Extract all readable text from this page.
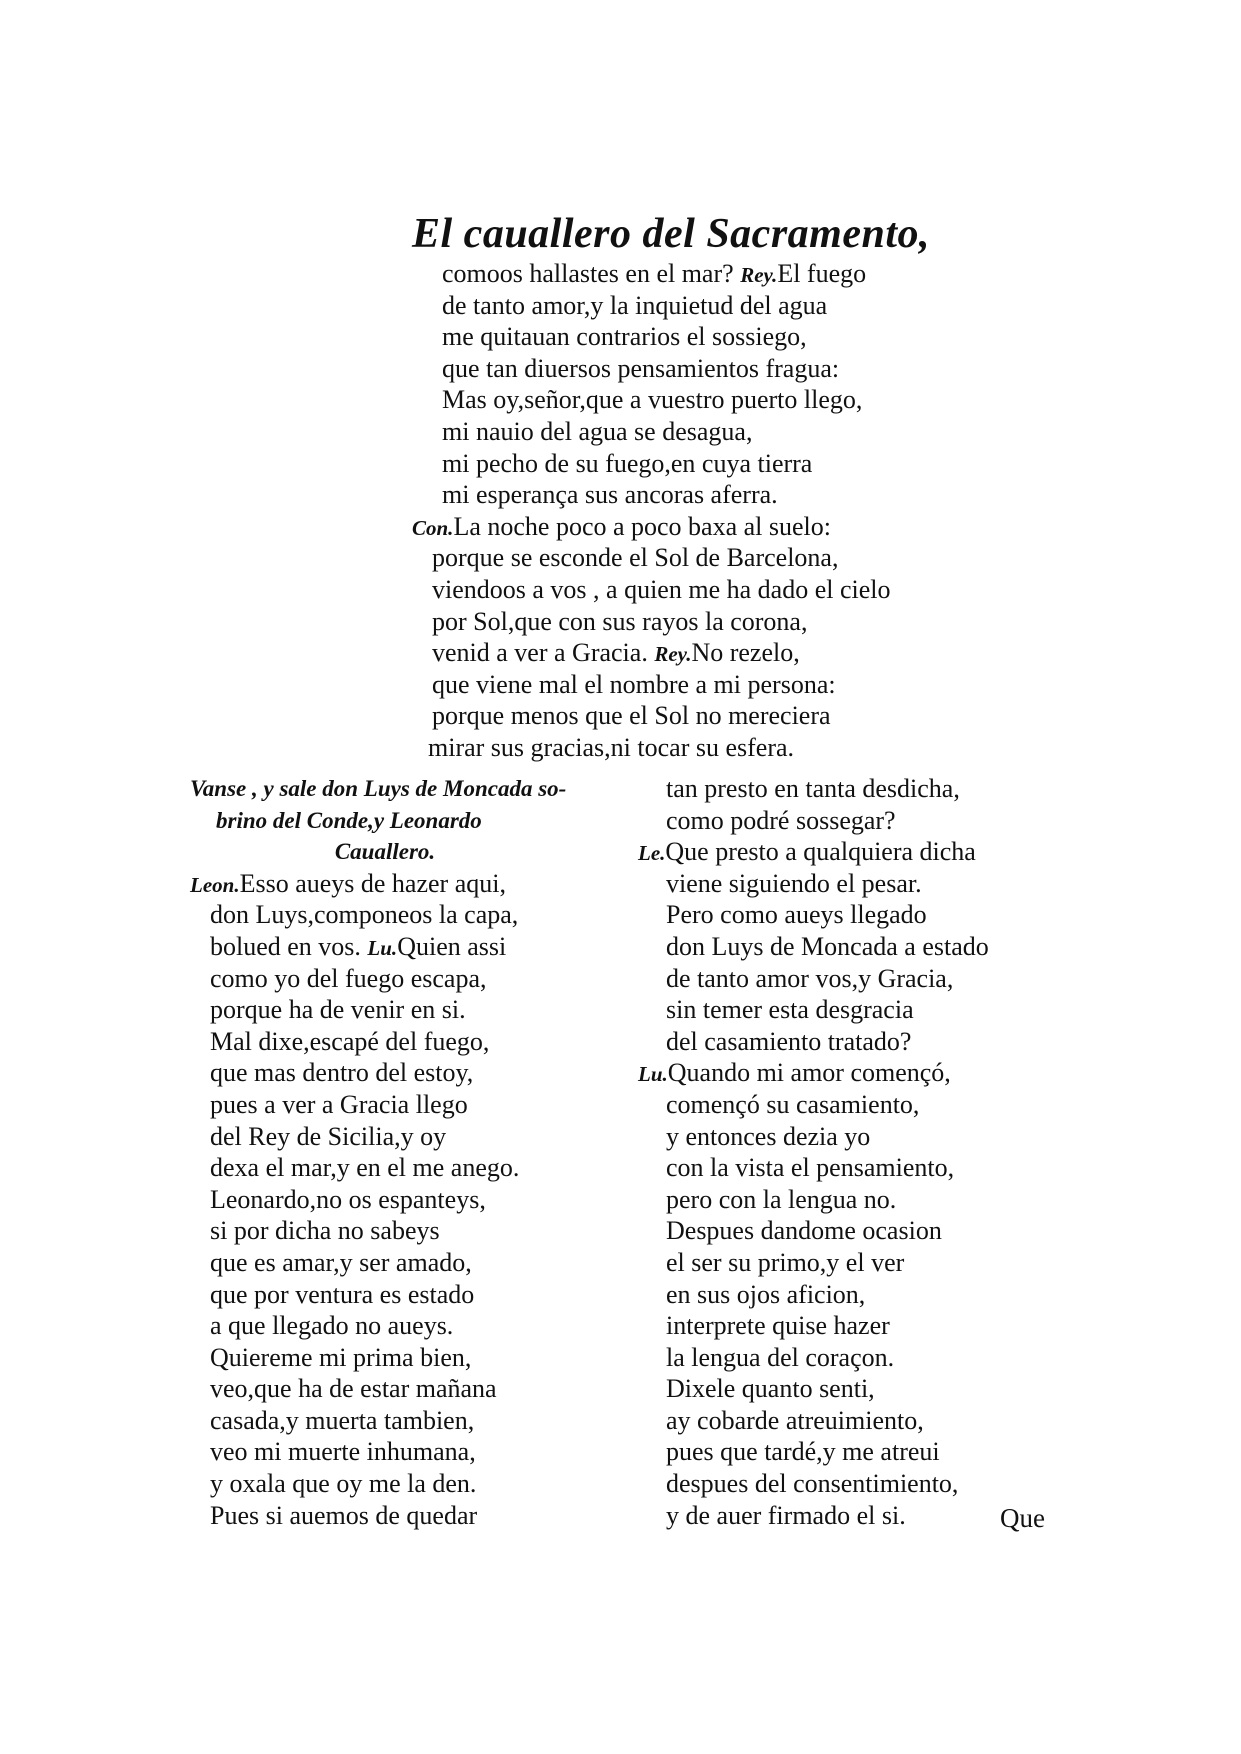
El cauallero del Sacramento,
comoos hallastes en el mar? Rey.El fuego
de tanto amor,y la inquietud del agua
me quitauan contrarios el sossiego,
que tan diuersos pensamientos fragua:
Mas oy,señor,que a vuestro puerto llego,
mi nauio del agua se desagua,
mi pecho de su fuego,en cuya tierra
mi esperança sus ancoras aferra.
Con.La noche poco a poco baxa al suelo:
porque se esconde el Sol de Barcelona,
viendoos a vos , a quien me ha dado el cielo
por Sol,que con sus rayos la corona,
venid a ver a Gracia. Rey.No rezelo,
que viene mal el nombre a mi persona:
porque menos que el Sol no mereciera
mirar sus gracias,ni tocar su esfera.
Vanse , y sale don Luys de Moncada so-
brino del Conde,y Leonardo
Cauallero.
Leon.Esso aueys de hazer aqui,
don Luys,componeos la capa,
bolued en vos. Lu.Quien assi
como yo del fuego escapa,
porque ha de venir en si.
Mal dixe,escapé del fuego,
que mas dentro del estoy,
pues a ver a Gracia llego
del Rey de Sicilia,y oy
dexa el mar,y en el me anego.
Leonardo,no os espanteys,
si por dicha no sabeys
que es amar,y ser amado,
que por ventura es estado
a que llegado no aueys.
Quiereme mi prima bien,
veo,que ha de estar mañana
casada,y muerta tambien,
veo mi muerte inhumana,
y oxala que oy me la den.
Pues si auemos de quedar
tan presto en tanta desdicha,
como podré sossegar?
Le.Que presto a qualquiera dicha
viene siguiendo el pesar.
Pero como aueys llegado
don Luys de Moncada a estado
de tanto amor vos,y Gracia,
sin temer esta desgracia
del casamiento tratado?
Lu.Quando mi amor començó,
començó su casamiento,
y entonces dezia yo
con la vista el pensamiento,
pero con la lengua no.
Despues dandome ocasion
el ser su primo,y el ver
en sus ojos aficion,
interprete quise hazer
la lengua del coraçon.
Dixele quanto senti,
ay cobarde atreuimiento,
pues que tardé,y me atreui
despues del consentimiento,
y de auer firmado el si.	Que
